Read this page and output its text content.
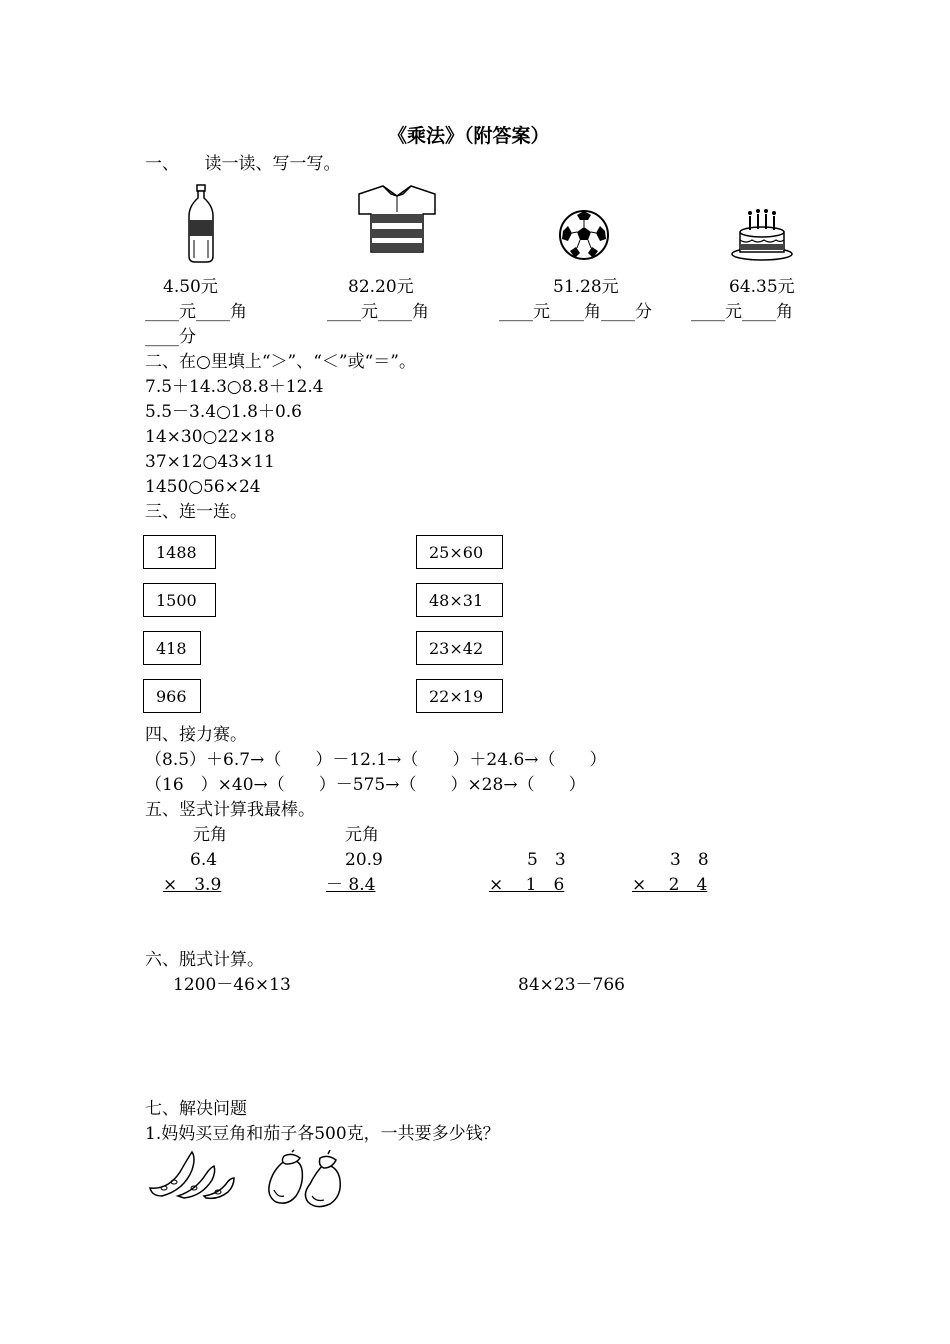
《乘法》（附答案）
一、　　读一读、写一写。
4.50元	82.20元	51.28元	64.35元
____元____角	____元____角	____元____角____分 ____元____角
____分
二、在○里填上“＞”、“＜”或“＝”。
7.5＋14.3○8.8＋12.4
5.5－3.4○1.8＋0.6
14×30○22×18
37×12○43×11
1450○56×24
三、连一连。
1488
1500
418
966
25×60
48×31
23×42
22×19
四、接力赛。
（8.5）＋6.7→（　　）－12.1→（　　）＋24.6→（　　）
（16　）×40→（　　）－575→（　　）×28→（　　）
五、竖式计算我最棒。
元角	元角
6.4
×　3.9
20.9
－ 8.4
5　3
×　 1　6
3　8
×　 2　4
六、脱式计算。
1200－46×13	84×23－766
七、解决问题
1.妈妈买豆角和茄子各500克，一共要多少钱？
